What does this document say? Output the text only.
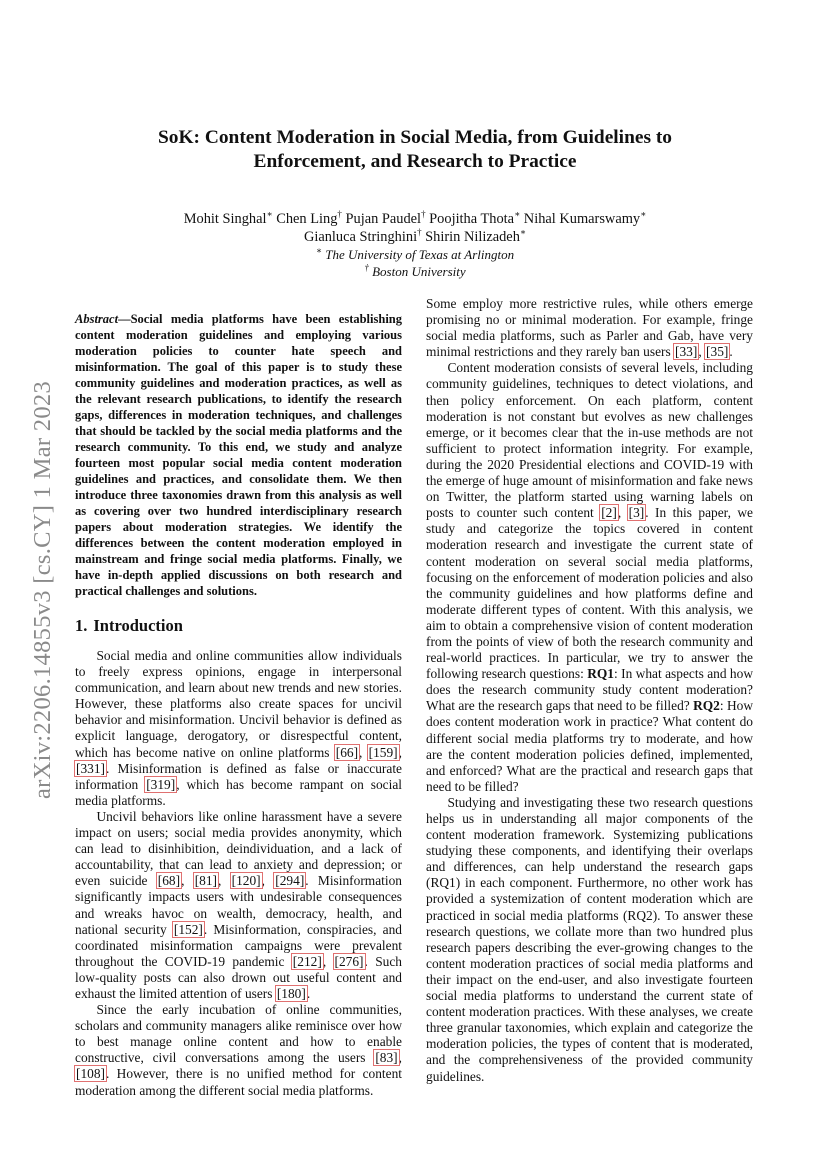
arXiv:2206.14855v3 [cs.CY] 1 Mar 2023
SoK: Content Moderation in Social Media, from Guidelines to Enforcement, and Research to Practice
Mohit Singhal∗ Chen Ling† Pujan Paudel† Poojitha Thota∗ Nihal Kumarswamy∗
Gianluca Stringhini† Shirin Nilizadeh∗
∗ The University of Texas at Arlington
† Boston University

Abstract—Social media platforms have been establishing content moderation guidelines and employing various moderation policies to counter hate speech and misinformation. The goal of this paper is to study these community guidelines and moderation practices, as well as the relevant research publications, to identify the research gaps, differences in moderation techniques, and challenges that should be tackled by the social media platforms and the research community. To this end, we study and analyze fourteen most popular social media content moderation guidelines and practices, and consolidate them. We then introduce three taxonomies drawn from this analysis as well as covering over two hundred interdisciplinary research papers about moderation strategies. We identify the differences between the content moderation employed in mainstream and fringe social media platforms. Finally, we have in-depth applied discussions on both research and practical challenges and solutions.

1. Introduction

Social media and online communities allow individuals to freely express opinions, engage in interpersonal communication, and learn about new trends and new stories. However, these platforms also create spaces for uncivil behavior and misinformation. Uncivil behavior is defined as explicit language, derogatory, or disrespectful content, which has become native on online platforms [66], [159], [331]. Misinformation is defined as false or inaccurate information [319], which has become rampant on social media platforms.

Uncivil behaviors like online harassment have a severe impact on users; social media provides anonymity, which can lead to disinhibition, deindividuation, and a lack of accountability, that can lead to anxiety and depression; or even suicide [68], [81], [120], [294]. Misinformation significantly impacts users with undesirable consequences and wreaks havoc on wealth, democracy, health, and national security [152]. Misinformation, conspiracies, and coordinated misinformation campaigns were prevalent throughout the COVID-19 pandemic [212], [276]. Such low-quality posts can also drown out useful content and exhaust the limited attention of users [180].

Since the early incubation of online communities, scholars and community managers alike reminisce over how to best manage online content and how to enable constructive, civil conversations among the users [83], [108]. However, there is no unified method for content moderation among the different social media platforms.

Some employ more restrictive rules, while others emerge promising no or minimal moderation. For example, fringe social media platforms, such as Parler and Gab, have very minimal restrictions and they rarely ban users [33], [35].

Content moderation consists of several levels, including community guidelines, techniques to detect violations, and then policy enforcement. On each platform, content moderation is not constant but evolves as new challenges emerge, or it becomes clear that the in-use methods are not sufficient to protect information integrity. For example, during the 2020 Presidential elections and COVID-19 with the emerge of huge amount of misinformation and fake news on Twitter, the platform started using warning labels on posts to counter such content [2], [3]. In this paper, we study and categorize the topics covered in content moderation research and investigate the current state of content moderation on several social media platforms, focusing on the enforcement of moderation policies and also the community guidelines and how platforms define and moderate different types of content. With this analysis, we aim to obtain a comprehensive vision of content moderation from the points of view of both the research community and real-world practices. In particular, we try to answer the following research questions: RQ1: In what aspects and how does the research community study content moderation? What are the research gaps that need to be filled? RQ2: How does content moderation work in practice? What content do different social media platforms try to moderate, and how are the content moderation policies defined, implemented, and enforced? What are the practical and research gaps that need to be filled?

Studying and investigating these two research questions helps us in understanding all major components of the content moderation framework. Systemizing publications studying these components, and identifying their overlaps and differences, can help understand the research gaps (RQ1) in each component. Furthermore, no other work has provided a systemization of content moderation which are practiced in social media platforms (RQ2). To answer these research questions, we collate more than two hundred plus research papers describing the ever-growing changes to the content moderation practices of social media platforms and their impact on the end-user, and also investigate fourteen social media platforms to understand the current state of content moderation practices. With these analyses, we create three granular taxonomies, which explain and categorize the moderation policies, the types of content that is moderated, and the comprehensiveness of the provided community guidelines.
